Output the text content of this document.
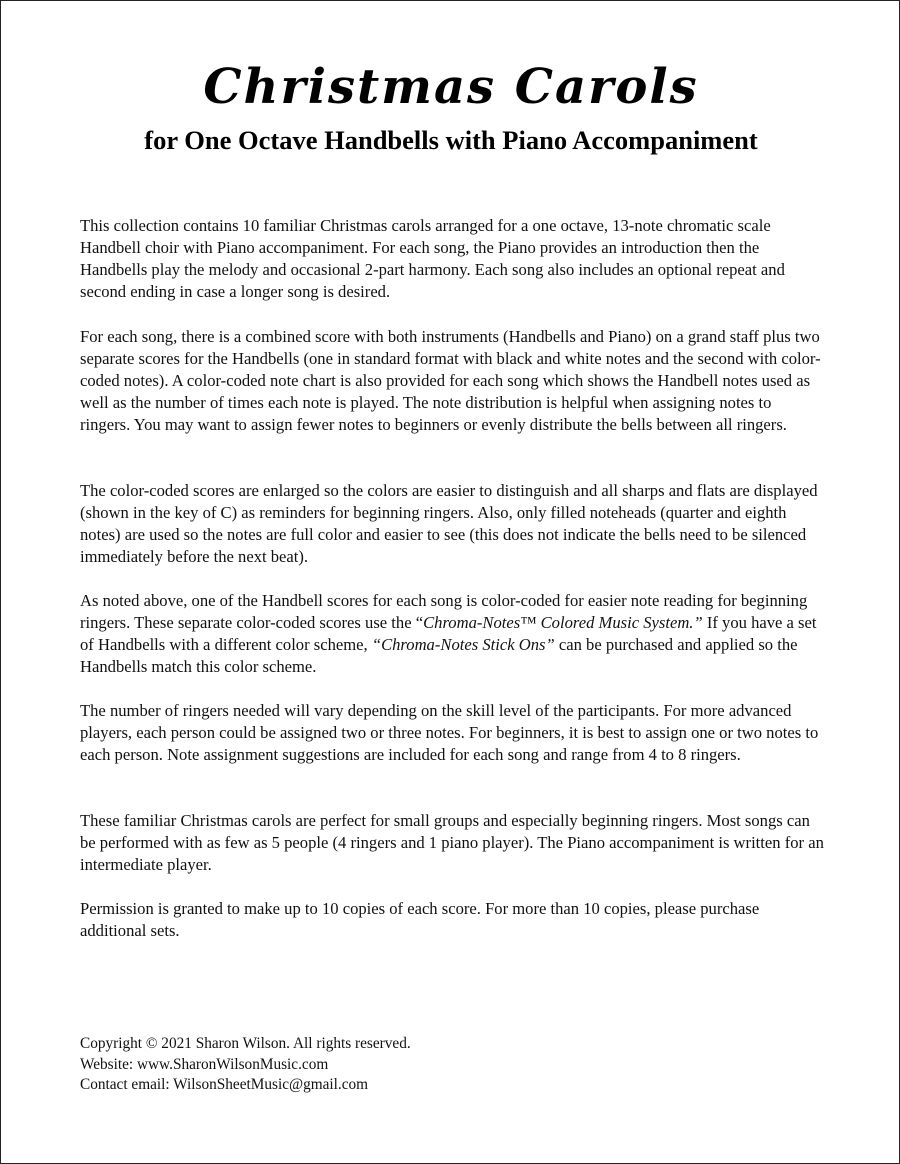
Christmas Carols
for One Octave Handbells with Piano Accompaniment

This collection contains 10 familiar Christmas carols arranged for a one octave, 13-note chromatic scale Handbell choir with Piano accompaniment. For each song, the Piano provides an introduction then the Handbells play the melody and occasional 2-part harmony. Each song also includes an optional repeat and second ending in case a longer song is desired.

For each song, there is a combined score with both instruments (Handbells and Piano) on a grand staff plus two separate scores for the Handbells (one in standard format with black and white notes and the second with color-coded notes). A color-coded note chart is also provided for each song which shows the Handbell notes used as well as the number of times each note is played. The note distribution is helpful when assigning notes to ringers. You may want to assign fewer notes to beginners or evenly distribute the bells between all ringers.

The color-coded scores are enlarged so the colors are easier to distinguish and all sharps and flats are displayed (shown in the key of C) as reminders for beginning ringers. Also, only filled noteheads (quarter and eighth notes) are used so the notes are full color and easier to see (this does not indicate the bells need to be silenced immediately before the next beat).

As noted above, one of the Handbell scores for each song is color-coded for easier note reading for beginning ringers. These separate color-coded scores use the “Chroma-Notes™ Colored Music System.” If you have a set of Handbells with a different color scheme, “Chroma-Notes Stick Ons” can be purchased and applied so the Handbells match this color scheme.

The number of ringers needed will vary depending on the skill level of the participants. For more advanced players, each person could be assigned two or three notes. For beginners, it is best to assign one or two notes to each person. Note assignment suggestions are included for each song and range from 4 to 8 ringers.

These familiar Christmas carols are perfect for small groups and especially beginning ringers. Most songs can be performed with as few as 5 people (4 ringers and 1 piano player). The Piano accompaniment is written for an intermediate player.

Permission is granted to make up to 10 copies of each score. For more than 10 copies, please purchase additional sets.

Copyright © 2021 Sharon Wilson. All rights reserved.
Website: www.SharonWilsonMusic.com
Contact email: WilsonSheetMusic@gmail.com
